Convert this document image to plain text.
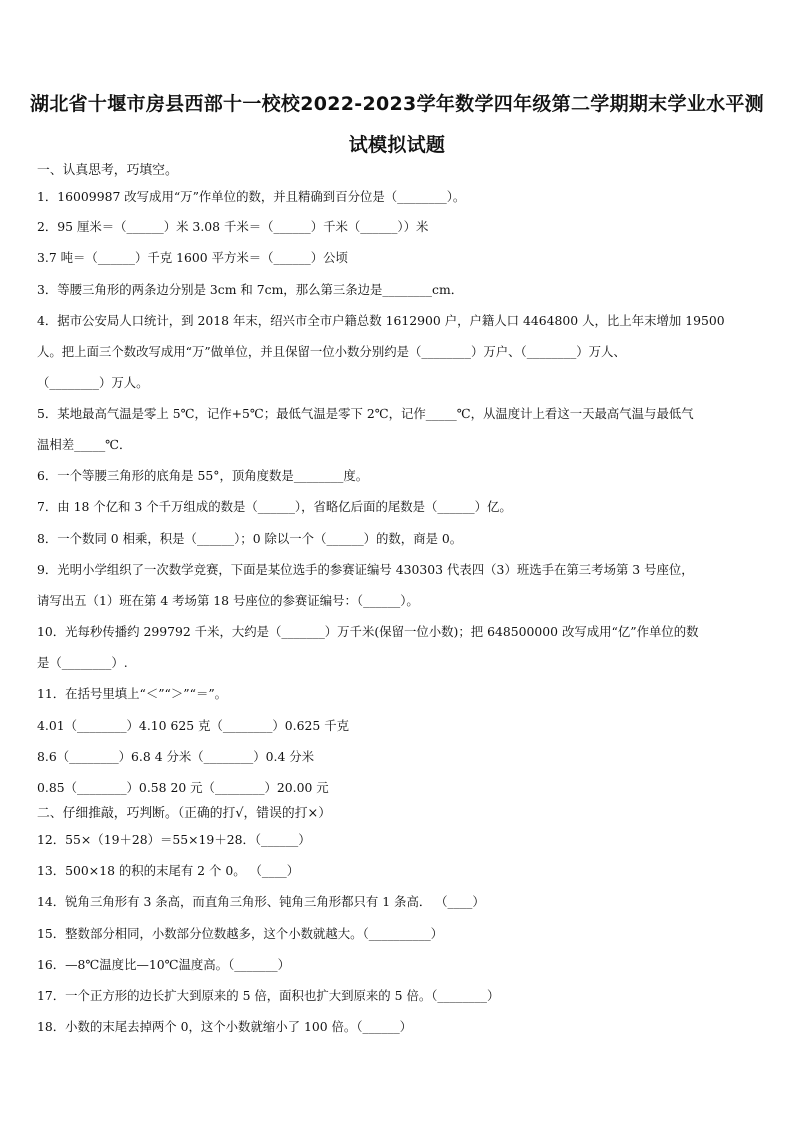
湖北省十堰市房县西部十一校校2022-2023学年数学四年级第二学期期末学业水平测
试模拟试题
一、认真思考，巧填空。
1．16009987 改写成用“万”作单位的数，并且精确到百分位是（________）。
2．95 厘米＝（______）米 3.08 千米＝（______）千米（______））米
3.7 吨＝（______）千克 1600 平方米＝（______）公顷
3．等腰三角形的两条边分别是 3cm 和 7cm，那么第三条边是________cm．
4．据市公安局人口统计，到 2018 年末，绍兴市全市户籍总数 1612900 户，户籍人口 4464800 人，比上年末增加 19500
人。把上面三个数改写成用“万”做单位，并且保留一位小数分别约是（________）万户、（________）万人、
（________）万人。
5．某地最高气温是零上 5℃，记作+5℃；最低气温是零下 2℃，记作_____℃，从温度计上看这一天最高气温与最低气
温相差_____℃．
6．一个等腰三角形的底角是 55°，顶角度数是________度。
7．由 18 个亿和 3 个千万组成的数是（______），省略亿后面的尾数是（______）亿。
8．一个数同 0 相乘，积是（______）；0 除以一个（______）的数，商是 0。
9．光明小学组织了一次数学竞赛，下面是某位选手的参赛证编号 430303 代表四（3）班选手在第三考场第 3 号座位，
请写出五（1）班在第 4 考场第 18 号座位的参赛证编号：（______）。
10．光每秒传播约 299792 千米，大约是（_______）万千米(保留一位小数)；把 648500000 改写成用“亿”作单位的数
是（________）.
11．在括号里填上“＜”“＞”“＝”。
4.01（________）4.10 625 克（________）0.625 千克
8.6（________）6.8 4 分米（________）0.4 分米
0.85（________）0.58 20 元（________）20.00 元
二、仔细推敲，巧判断。（正确的打√，错误的打×）
12．55×（19＋28）＝55×19＋28．（______）
13．500×18 的积的末尾有 2 个 0。 （____）
14．锐角三角形有 3 条高，而直角三角形、钝角三角形都只有 1 条高． （____）
15．整数部分相同，小数部分位数越多，这个小数就越大。（__________）
16．—8℃温度比—10℃温度高。（_______）
17．一个正方形的边长扩大到原来的 5 倍，面积也扩大到原来的 5 倍。（________）
18．小数的末尾去掉两个 0，这个小数就缩小了 100 倍。（______）
